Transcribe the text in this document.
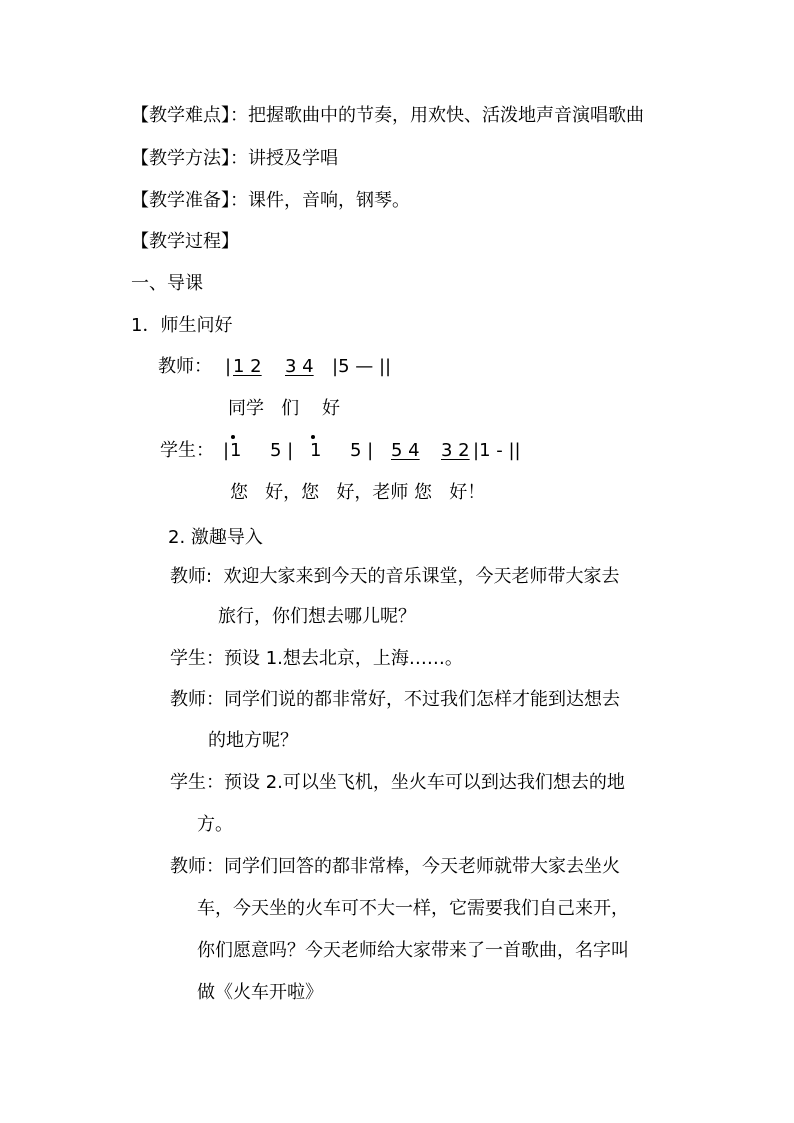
【教学难点】：把握歌曲中的节奏，用欢快、活泼地声音演唱歌曲
【教学方法】：讲授及学唱
【教学准备】：课件，音响，钢琴。
【教学过程】
一、导课
1．师生问好
教师： | 1 2 3 4 |5 — ||
同学   们    好
学生： | 1 5 | 1 5 | 5 4 3 2 |1 - ||
您   好，您   好，老师 您   好！
2. 激趣导入
教师:  欢迎大家来到今天的音乐课堂，今天老师带大家去
旅行，你们想去哪儿呢？
学生：预设 1.想去北京，上海……。
教师：同学们说的都非常好，不过我们怎样才能到达想去
的地方呢？
学生：预设 2.可以坐飞机，坐火车可以到达我们想去的地
方。
教师：同学们回答的都非常棒，今天老师就带大家去坐火
车，今天坐的火车可不大一样，它需要我们自己来开，
你们愿意吗？今天老师给大家带来了一首歌曲，名字叫
做《火车开啦》
